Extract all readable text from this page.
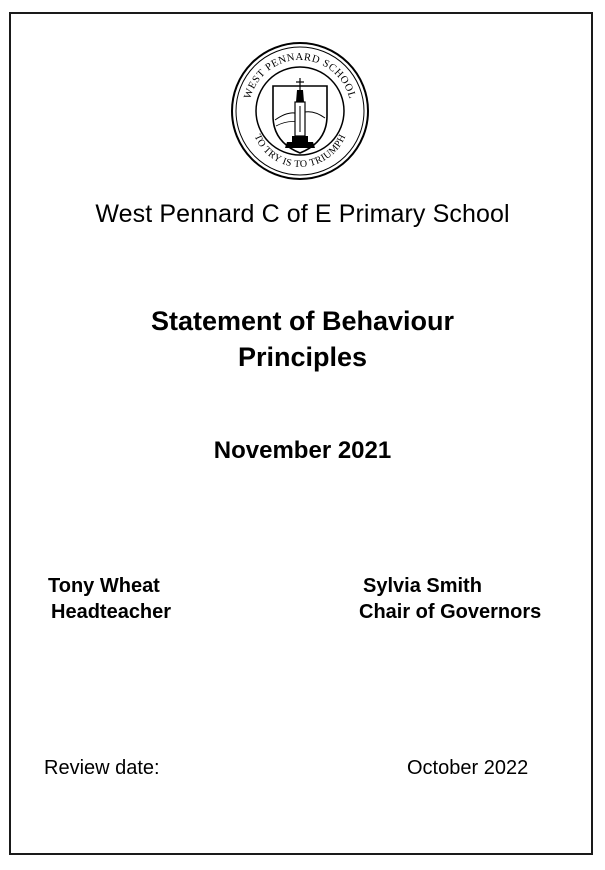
WEST PENNARD SCHOOL
TO TRY IS TO TRIUMPH
West Pennard C of E Primary School
Statement of Behaviour
Principles
November 2021
Tony Wheat
Headteacher
Sylvia Smith
Chair of Governors
Review date:	October 2022
